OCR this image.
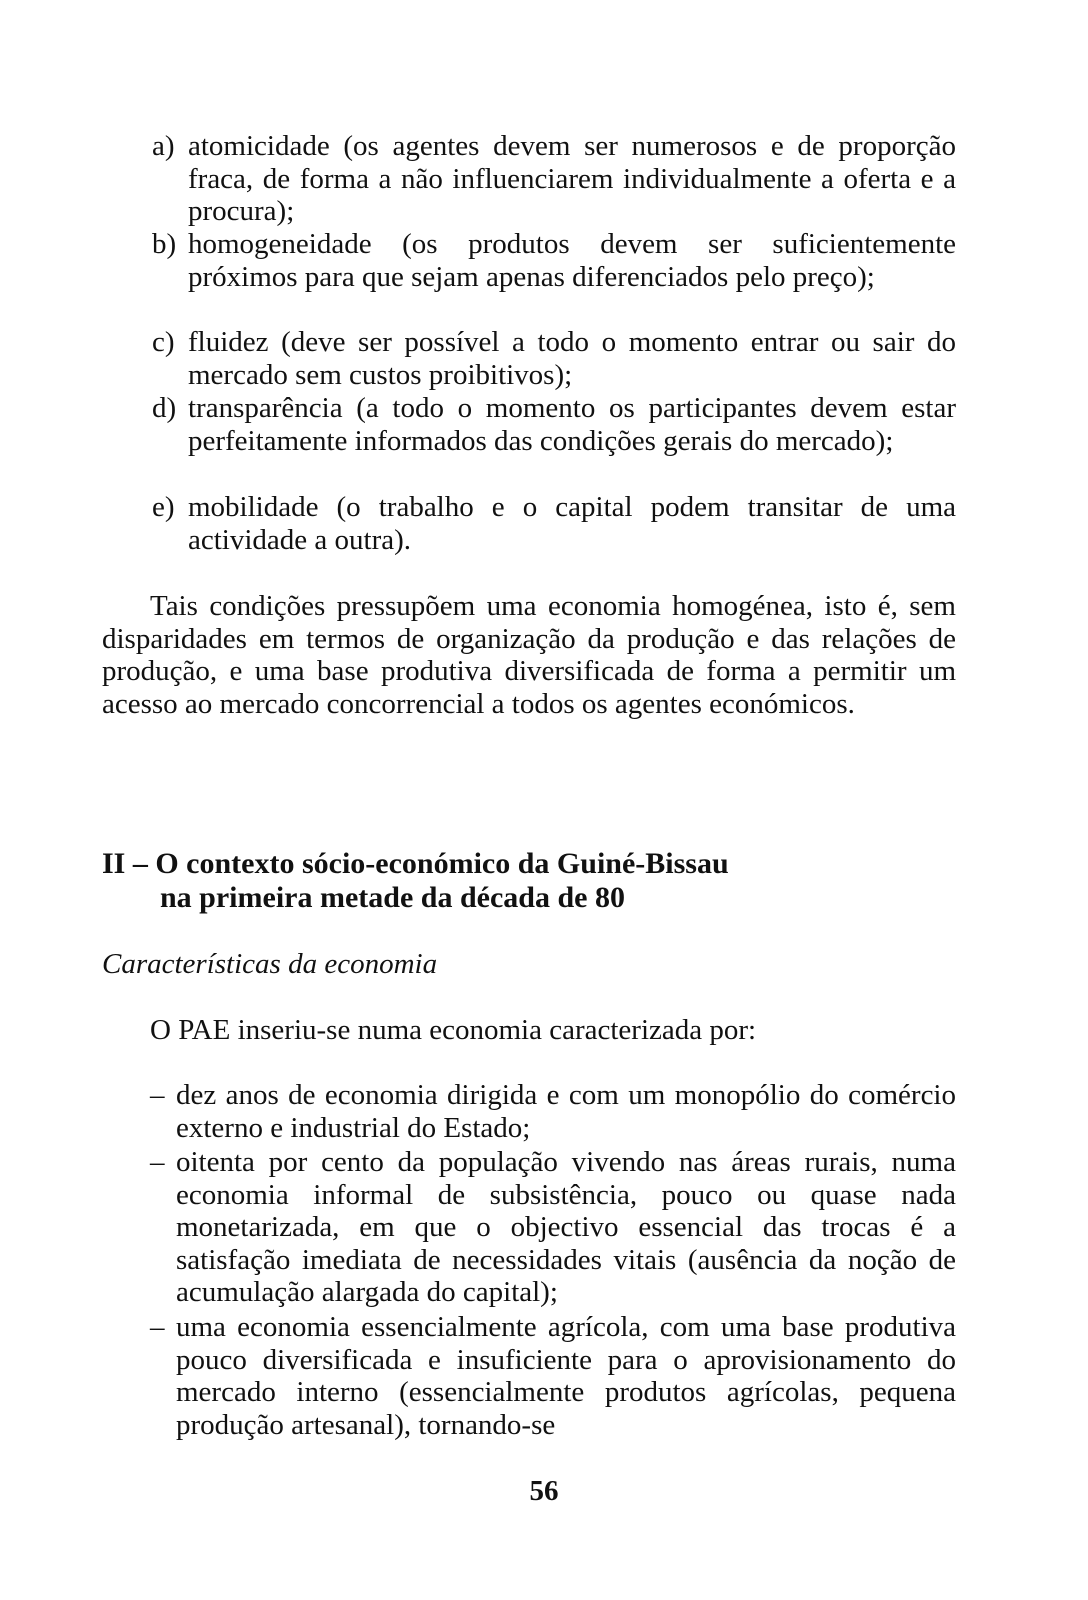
a) atomicidade (os agentes devem ser numerosos e de proporção fraca, de forma a não influenciarem individualmente a oferta e a procura);
b) homogeneidade (os produtos devem ser suficientemente próximos para que sejam apenas diferenciados pelo preço);
c) fluidez (deve ser possível a todo o momento entrar ou sair do mercado sem custos proibitivos);
d) transparência (a todo o momento os participantes devem estar perfeitamente informados das condições gerais do mercado);
e) mobilidade (o trabalho e o capital podem transitar de uma actividade a outra).

Tais condições pressupõem uma economia homogénea, isto é, sem disparidades em termos de organização da produção e das relações de produção, e uma base produtiva diversificada de forma a permitir um acesso ao mercado concorrencial a todos os agentes económicos.

II – O contexto sócio-económico da Guiné-Bissau
na primeira metade da década de 80
Características da economia
O PAE inseriu-se numa economia caracterizada por:
– dez anos de economia dirigida e com um monopólio do comércio externo e industrial do Estado;
– oitenta por cento da população vivendo nas áreas rurais, numa economia informal de subsistência, pouco ou quase nada monetarizada, em que o objectivo essencial das trocas é a satisfação imediata de necessidades vitais (ausência da noção de acumulação alargada do capital);
– uma economia essencialmente agrícola, com uma base produtiva pouco diversificada e insuficiente para o aprovisionamento do mercado interno (essencialmente produtos agrícolas, pequena produção artesanal), tornando-se
56
